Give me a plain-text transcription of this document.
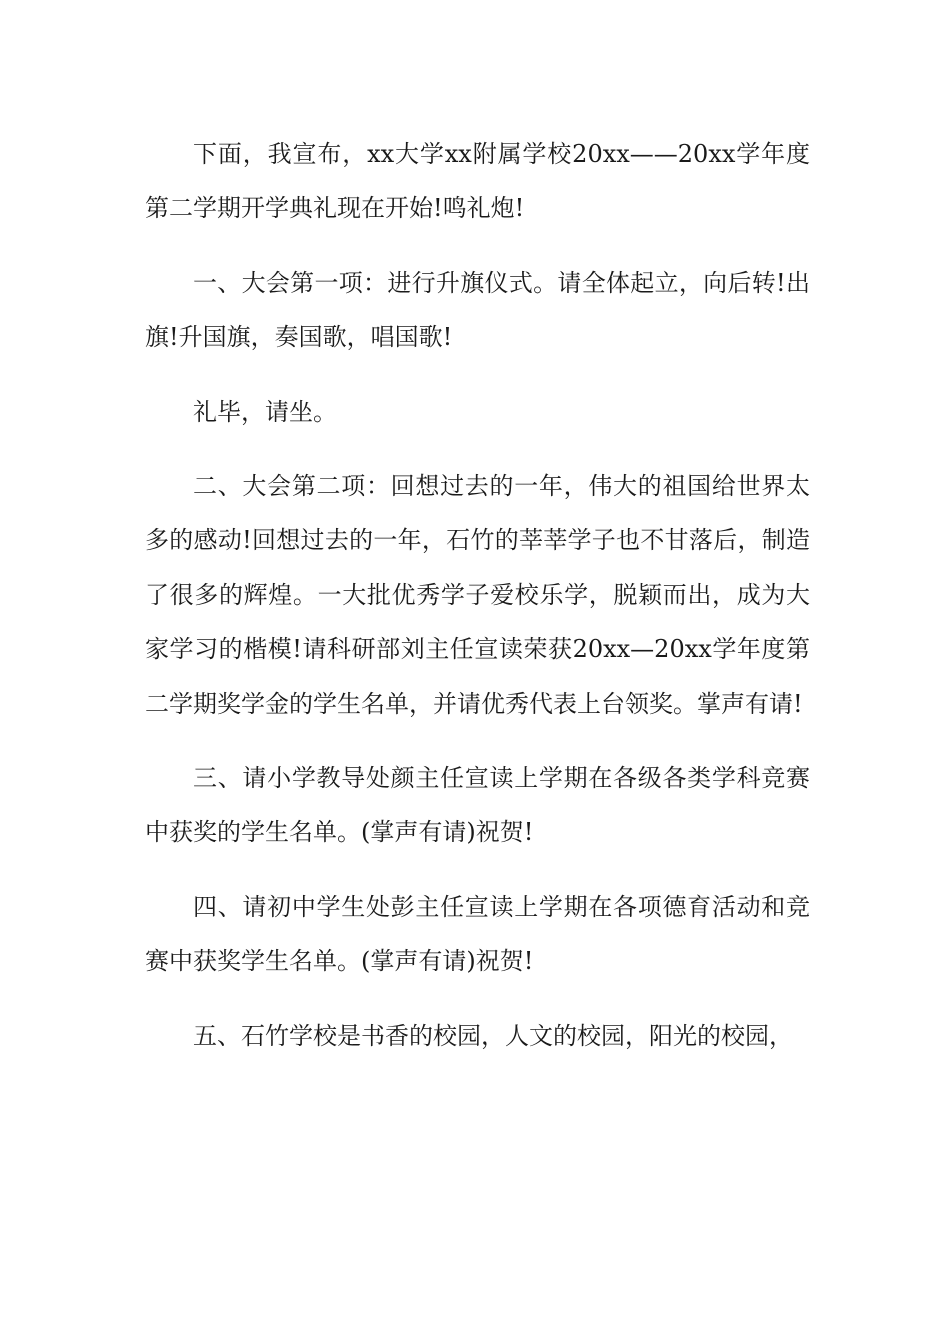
下面，我宣布，xx大学xx附属学校20xx——20xx学年度第二学期开学典礼现在开始!鸣礼炮!

一、大会第一项：进行升旗仪式。请全体起立，向后转!出旗!升国旗，奏国歌，唱国歌!

礼毕，请坐。

二、大会第二项：回想过去的一年，伟大的祖国给世界太多的感动!回想过去的一年，石竹的莘莘学子也不甘落后，制造了很多的辉煌。一大批优秀学子爱校乐学，脱颖而出，成为大家学习的楷模!请科研部刘主任宣读荣获20xx—20xx学年度第二学期奖学金的学生名单，并请优秀代表上台领奖。掌声有请!

三、请小学教导处颜主任宣读上学期在各级各类学科竞赛中获奖的学生名单。(掌声有请)祝贺!

四、请初中学生处彭主任宣读上学期在各项德育活动和竞赛中获奖学生名单。(掌声有请)祝贺!

五、石竹学校是书香的校园，人文的校园，阳光的校园，
